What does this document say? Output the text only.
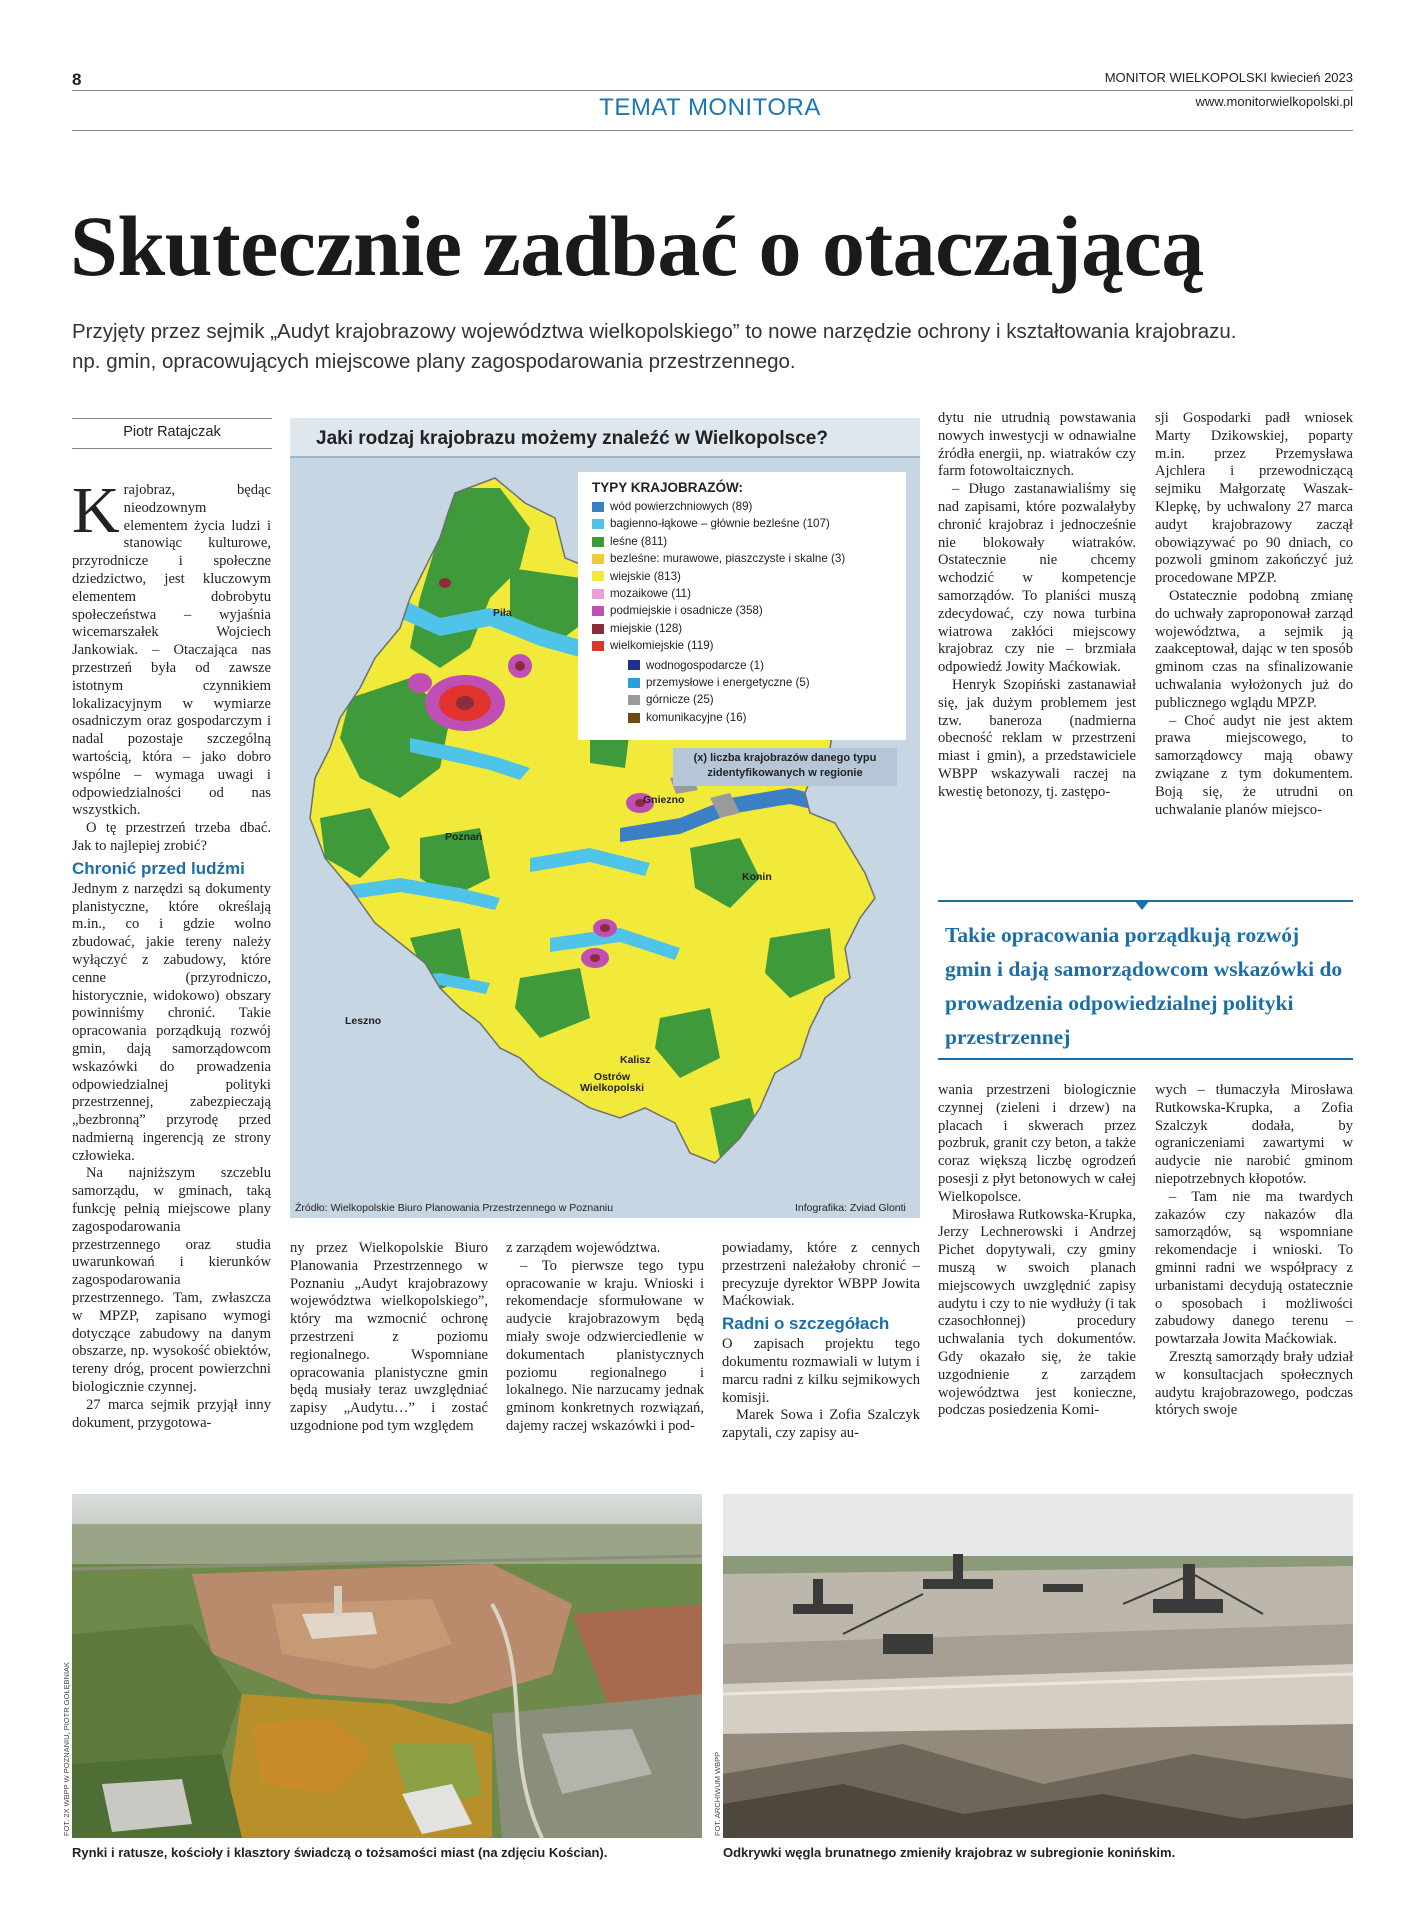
8	MONITOR WIELKOPOLSKI kwiecień 2023
TEMAT MONITORA	www.monitorwielkopolski.pl
Skutecznie zadbać o otaczającą
Przyjęty przez sejmik „Audyt krajobrazowy województwa wielkopolskiego” to nowe narzędzie ochrony i kształtowania krajobrazu.
np. gmin, opracowujących miejscowe plany zagospodarowania przestrzennego.
Piotr Ratajczak

Krajobraz, będąc nieodzownym elementem życia ludzi i stanowiąc kulturowe, przyrodnicze i społeczne dziedzictwo, jest kluczowym elementem dobrobytu społeczeństwa – wyjaśnia wicemarszałek Wojciech Jankowiak. – Otaczająca nas przestrzeń była od zawsze istotnym czynnikiem lokalizacyjnym w wymiarze osadniczym oraz gospodarczym i nadal pozostaje szczególną wartością, która – jako dobro wspólne – wymaga uwagi i odpowiedzialności od nas wszystkich.

O tę przestrzeń trzeba dbać. Jak to najlepiej zrobić?

Chronić przed ludźmi

Jednym z narzędzi są dokumenty planistyczne, które określają m.in., co i gdzie wolno zbudować, jakie tereny należy wyłączyć z zabudowy, które cenne (przyrodniczo, historycznie, widokowo) obszary powinniśmy chronić. Takie opracowania porządkują rozwój gmin, dają samorządowcom wskazówki do prowadzenia odpowiedzialnej polityki przestrzennej, zabezpieczają „bezbronną” przyrodę przed nadmierną ingerencją ze strony człowieka.

Na najniższym szczeblu samorządu, w gminach, taką funkcję pełnią miejscowe plany zagospodarowania przestrzennego oraz studia uwarunkowań i kierunków zagospodarowania przestrzennego. Tam, zwłaszcza w MPZP, zapisano wymogi dotyczące zabudowy na danym obszarze, np. wysokość obiektów, tereny dróg, procent powierzchni biologicznie czynnej.

27 marca sejmik przyjął inny dokument, przygotowa-

Jaki rodzaj krajobrazu możemy znaleźć w Wielkopolsce?
Piła
Gniezno
Poznań
Konin
Leszno
Kalisz
Ostrów Wielkopolski
TYPY KRAJOBRAZÓW:
wód powierzchniowych (89)
bagienno-łąkowe – głównie bezleśne (107)
leśne (811)
bezleśne: murawowe, piaszczyste i skalne (3)
wiejskie (813)
mozaikowe (11)
podmiejskie i osadnicze (358)
miejskie (128)
wielkomiejskie (119)
wodnogospodarcze (1)
przemysłowe i energetyczne (5)
górnicze (25)
komunikacyjne (16)
(x) liczba krajobrazów danego typu zidentyfikowanych w regionie
Źródło: Wielkopolskie Biuro Planowania Przestrzennego w Poznaniu	Infografika: Zviad Glonti

ny przez Wielkopolskie Biuro Planowania Przestrzennego w Poznaniu „Audyt krajobrazowy województwa wielkopolskiego”, który ma wzmocnić ochronę przestrzeni z poziomu regionalnego. Wspomniane opracowania planistyczne gmin będą musiały teraz uwzględniać zapisy „Audytu…” i zostać uzgodnione pod tym względem

z zarządem województwa.

– To pierwsze tego typu opracowanie w kraju. Wnioski i rekomendacje sformułowane w audycie krajobrazowym będą miały swoje odzwierciedlenie w dokumentach planistycznych poziomu regionalnego i lokalnego. Nie narzucamy jednak gminom konkretnych rozwiązań, dajemy raczej wskazówki i pod-

powiadamy, które z cennych przestrzeni należałoby chronić – precyzuje dyrektor WBPP Jowita Maćkowiak.

Radni o szczegółach

O zapisach projektu tego dokumentu rozmawiali w lutym i marcu radni z kilku sejmikowych komisji.

Marek Sowa i Zofia Szalczyk zapytali, czy zapisy au-

dytu nie utrudnią powstawania nowych inwestycji w odnawialne źródła energii, np. wiatraków czy farm fotowoltaicznych.

– Długo zastanawialiśmy się nad zapisami, które pozwalałyby chronić krajobraz i jednocześnie nie blokowały wiatraków. Ostatecznie nie chcemy wchodzić w kompetencje samorządów. To planiści muszą zdecydować, czy nowa turbina wiatrowa zakłóci miejscowy krajobraz czy nie – brzmiała odpowiedź Jowity Maćkowiak.

Henryk Szopiński zastanawiał się, jak dużym problemem jest tzw. baneroza (nadmierna obecność reklam w przestrzeni miast i gmin), a przedstawiciele WBPP wskazywali raczej na kwestię betonozy, tj. zastępo-

sji Gospodarki padł wniosek Marty Dzikowskiej, poparty m.in. przez Przemysława Ajchlera i przewodniczącą sejmiku Małgorzatę Waszak-Klepkę, by uchwalony 27 marca audyt krajobrazowy zaczął obowiązywać po 90 dniach, co pozwoli gminom zakończyć już procedowane MPZP.

Ostatecznie podobną zmianę do uchwały zaproponował zarząd województwa, a sejmik ją zaakceptował, dając w ten sposób gminom czas na sfinalizowanie uchwalania wyłożonych już do publicznego wglądu MPZP.

– Choć audyt nie jest aktem prawa miejscowego, to samorządowcy mają obawy związane z tym dokumentem. Boją się, że utrudni on uchwalanie planów miejsco-

Takie opracowania porządkują rozwój gmin i dają samorządowcom wskazówki do prowadzenia odpowiedzialnej polityki przestrzennej

wania przestrzeni biologicznie czynnej (zieleni i drzew) na placach i skwerach przez pozbruk, granit czy beton, a także coraz większą liczbę ogrodzeń posesji z płyt betonowych w całej Wielkopolsce.

Mirosława Rutkowska-Krupka, Jerzy Lechnerowski i Andrzej Pichet dopytywali, czy gminy muszą w swoich planach miejscowych uwzględnić zapisy audytu i czy to nie wydłuży (i tak czasochłonnej) procedury uchwalania tych dokumentów. Gdy okazało się, że takie uzgodnienie z zarządem województwa jest konieczne, podczas posiedzenia Komi-

wych – tłumaczyła Mirosława Rutkowska-Krupka, a Zofia Szalczyk dodała, by ograniczeniami zawartymi w audycie nie narobić gminom niepotrzebnych kłopotów.

– Tam nie ma twardych zakazów czy nakazów dla samorządów, są wspomniane rekomendacje i wnioski. To gminni radni we współpracy z urbanistami decydują ostatecznie o sposobach i możliwości zabudowy danego terenu – powtarzała Jowita Maćkowiak.

Zresztą samorządy brały udział w konsultacjach społecznych audytu krajobrazowego, podczas których swoje

FOT. 2X WBPP W POZNANIU, PIOTR GOŁĘBNIAK
Rynki i ratusze, kościoły i klasztory świadczą o tożsamości miast (na zdjęciu Kościan).
FOT. ARCHIWUM WBPP
Odkrywki węgla brunatnego zmieniły krajobraz w subregionie konińskim.
